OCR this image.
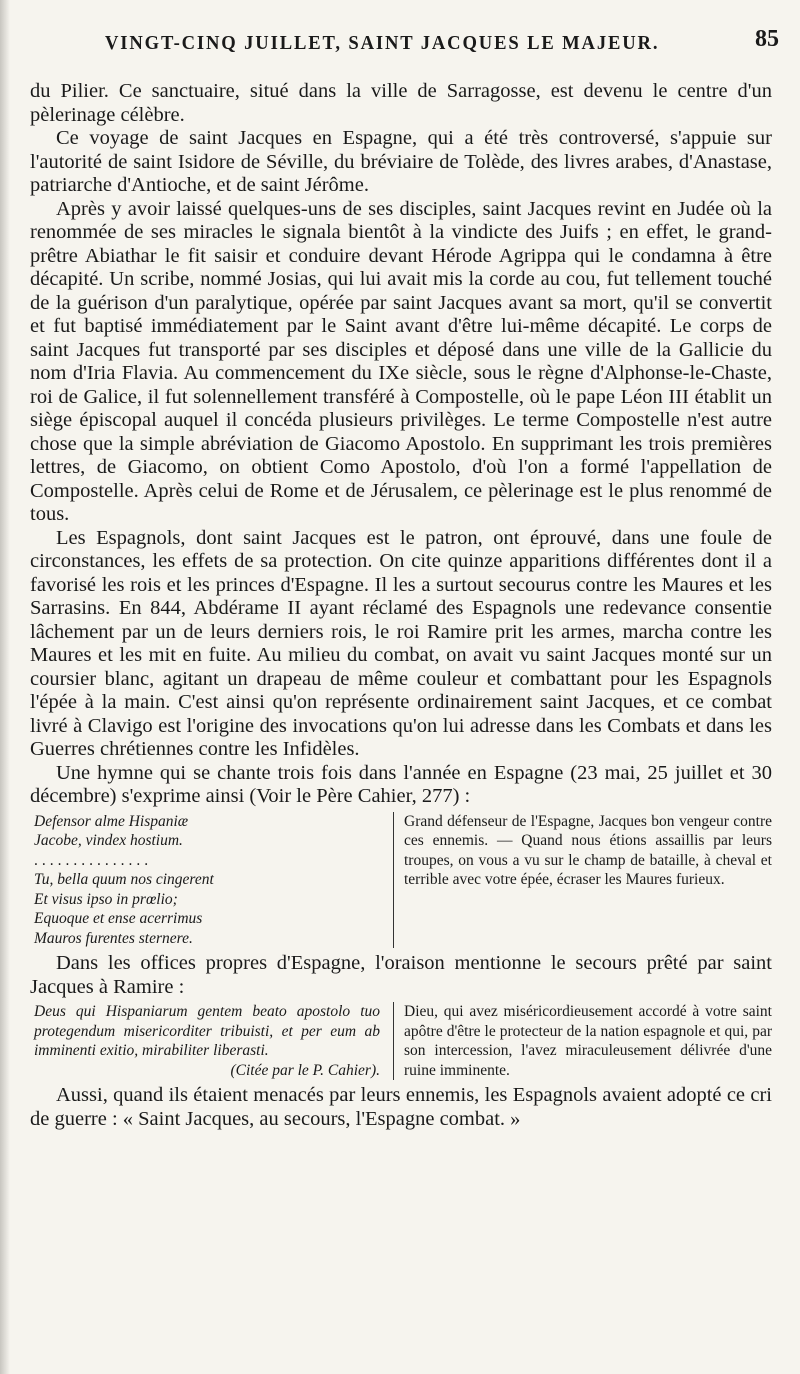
VINGT-CINQ JUILLET, SAINT JACQUES LE MAJEUR.	85

du Pilier. Ce sanctuaire, situé dans la ville de Sarragosse, est devenu le centre d'un pèlerinage célèbre.

Ce voyage de saint Jacques en Espagne, qui a été très controversé, s'appuie sur l'autorité de saint Isidore de Séville, du bréviaire de Tolède, des livres arabes, d'Anastase, patriarche d'Antioche, et de saint Jérôme.

Après y avoir laissé quelques-uns de ses disciples, saint Jacques revint en Judée où la renommée de ses miracles le signala bientôt à la vindicte des Juifs ; en effet, le grand-prêtre Abiathar le fit saisir et conduire devant Hérode Agrippa qui le condamna à être décapité. Un scribe, nommé Josias, qui lui avait mis la corde au cou, fut tellement touché de la guérison d'un paralytique, opérée par saint Jacques avant sa mort, qu'il se convertit et fut baptisé immédiatement par le Saint avant d'être lui-même décapité. Le corps de saint Jacques fut transporté par ses disciples et déposé dans une ville de la Gallicie du nom d'Iria Flavia. Au commencement du IXe siècle, sous le règne d'Alphonse-le-Chaste, roi de Galice, il fut solennellement transféré à Compostelle, où le pape Léon III établit un siège épiscopal auquel il concéda plusieurs privilèges. Le terme Compostelle n'est autre chose que la simple abréviation de Giacomo Apostolo. En supprimant les trois premières lettres, de Giacomo, on obtient Como Apostolo, d'où l'on a formé l'appellation de Compostelle. Après celui de Rome et de Jérusalem, ce pèlerinage est le plus renommé de tous.

Les Espagnols, dont saint Jacques est le patron, ont éprouvé, dans une foule de circonstances, les effets de sa protection. On cite quinze apparitions différentes dont il a favorisé les rois et les princes d'Espagne. Il les a surtout secourus contre les Maures et les Sarrasins. En 844, Abdérame II ayant réclamé des Espagnols une redevance consentie lâchement par un de leurs derniers rois, le roi Ramire prit les armes, marcha contre les Maures et les mit en fuite. Au milieu du combat, on avait vu saint Jacques monté sur un coursier blanc, agitant un drapeau de même couleur et combattant pour les Espagnols l'épée à la main. C'est ainsi qu'on représente ordinairement saint Jacques, et ce combat livré à Clavigo est l'origine des invocations qu'on lui adresse dans les Combats et dans les Guerres chrétiennes contre les Infidèles.

Une hymne qui se chante trois fois dans l'année en Espagne (23 mai, 25 juillet et 30 décembre) s'exprime ainsi (Voir le Père Cahier, 277) :

Defensor alme Hispaniæ

Jacobe, vindex hostium.

...............

Tu, bella quum nos cingerent

Et visus ipso in prœlio;

Equoque et ense acerrimus

Mauros furentes sternere.

Grand défenseur de l'Espagne, Jacques bon vengeur contre ces ennemis. — Quand nous étions assaillis par leurs troupes, on vous a vu sur le champ de bataille, à cheval et terrible avec votre épée, écraser les Maures furieux.

Dans les offices propres d'Espagne, l'oraison mentionne le secours prêté par saint Jacques à Ramire :

Deus qui Hispaniarum gentem beato apostolo tuo protegendum misericorditer tribuisti, et per eum ab imminenti exitio, mirabiliter liberasti.

(Citée par le P. Cahier).

Dieu, qui avez miséricordieusement accordé à votre saint apôtre d'être le protecteur de la nation espagnole et qui, par son intercession, l'avez miraculeusement délivrée d'une ruine imminente.

Aussi, quand ils étaient menacés par leurs ennemis, les Espagnols avaient adopté ce cri de guerre : « Saint Jacques, au secours, l'Espagne combat. »
